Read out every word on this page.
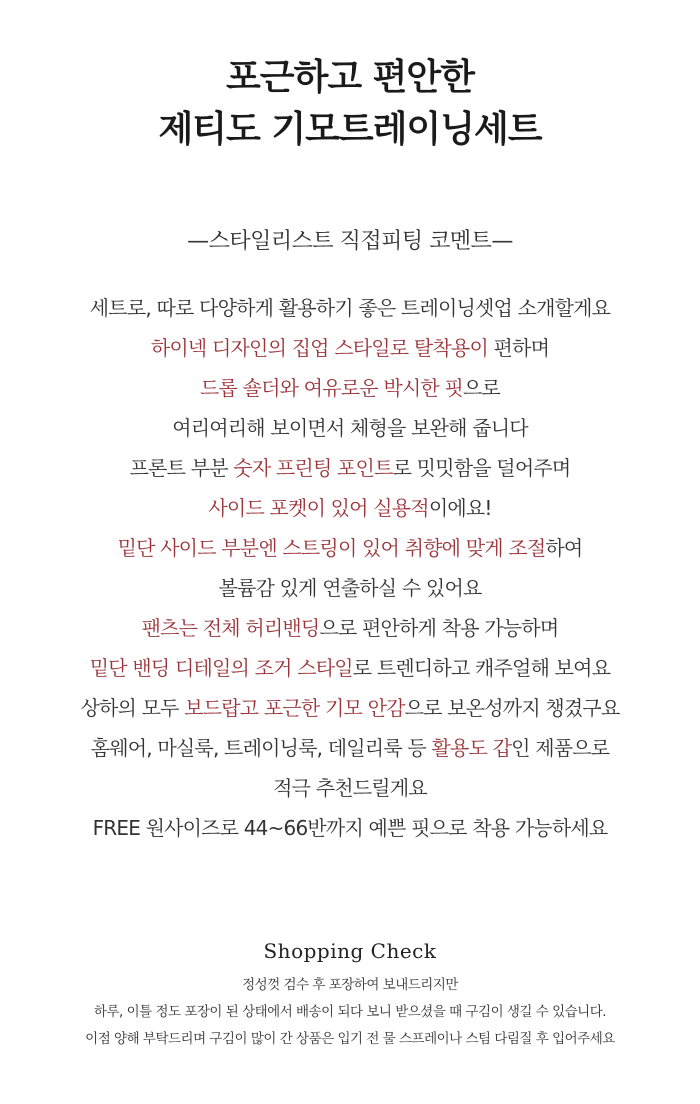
포근하고 편안한
제티도 기모트레이닝세트
—스타일리스트 직접피팅 코멘트—
세트로, 따로 다양하게 활용하기 좋은 트레이닝셋업 소개할게요
하이넥 디자인의 집업 스타일로 탈착용이 편하며
드롭 숄더와 여유로운 박시한 핏으로
여리여리해 보이면서 체형을 보완해 줍니다
프론트 부분 숫자 프린팅 포인트로 밋밋함을 덜어주며
사이드 포켓이 있어 실용적이에요!
밑단 사이드 부분엔 스트링이 있어 취향에 맞게 조절하여
볼륨감 있게 연출하실 수 있어요
팬츠는 전체 허리밴딩으로 편안하게 착용 가능하며
밑단 밴딩 디테일의 조거 스타일로 트렌디하고 캐주얼해 보여요
상하의 모두 보드랍고 포근한 기모 안감으로 보온성까지 챙겼구요
홈웨어, 마실룩, 트레이닝룩, 데일리룩 등 활용도 갑인 제품으로
적극 추천드릴게요
FREE 원사이즈로 44~66반까지 예쁜 핏으로 착용 가능하세요
Shopping Check
정성껏 검수 후 포장하여 보내드리지만
하루, 이틀 정도 포장이 된 상태에서 배송이 되다 보니 받으셨을 때 구김이 생길 수 있습니다.
이점 양해 부탁드리며 구김이 많이 간 상품은 입기 전 물 스프레이나 스팀 다림질 후 입어주세요
